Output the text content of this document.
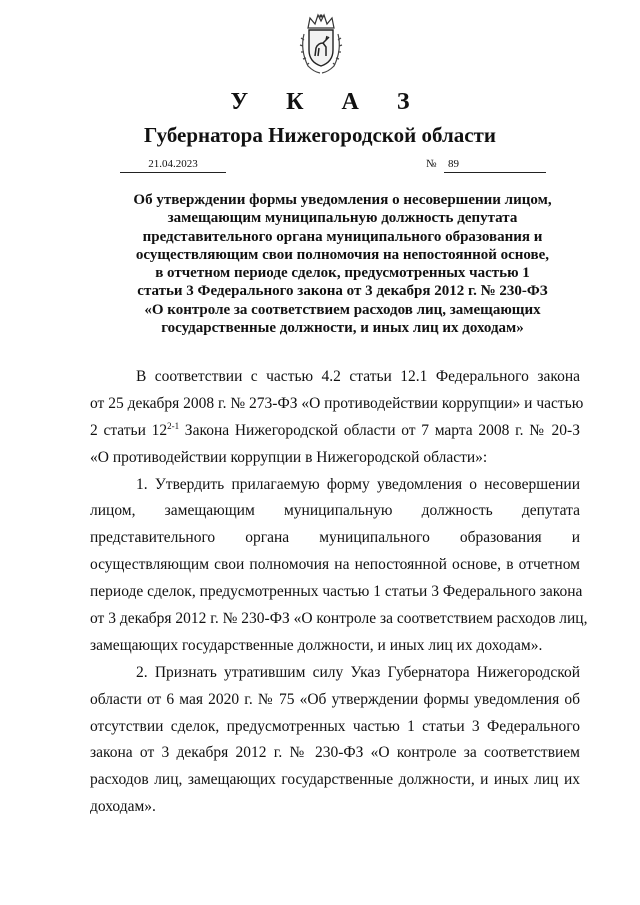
У К А З
Губернатора Нижегородской области
21.04.2023	№ 89
Об утверждении формы уведомления о несовершении лицом,
замещающим муниципальную должность депутата
представительного органа муниципального образования и
осуществляющим свои полномочия на непостоянной основе,
в отчетном периоде сделок, предусмотренных частью 1
статьи 3 Федерального закона от 3 декабря 2012 г. № 230-ФЗ
«О контроле за соответствием расходов лиц, замещающих
государственные должности, и иных лиц их доходам»
В соответствии с частью 4.2 статьи 12.1 Федерального закона
от 25 декабря 2008 г. № 273-ФЗ «О противодействии коррупции» и частью
2 статьи 12$^{2-1}$ Закона Нижегородской области от 7 марта 2008 г. № 20-З
«О противодействии коррупции в Нижегородской области»:
1. Утвердить прилагаемую форму уведомления о несовершении
лицом, замещающим муниципальную должность депутата
представительного органа муниципального образования и
осуществляющим свои полномочия на непостоянной основе, в отчетном
периоде сделок, предусмотренных частью 1 статьи 3 Федерального закона
от 3 декабря 2012 г. № 230-ФЗ «О контроле за соответствием расходов лиц,
замещающих государственные должности, и иных лиц их доходам».
2. Признать утратившим силу Указ Губернатора Нижегородской
области от 6 мая 2020 г. № 75 «Об утверждении формы уведомления об
отсутствии сделок, предусмотренных частью 1 статьи 3 Федерального
закона от 3 декабря 2012 г. № 230-ФЗ «О контроле за соответствием
расходов лиц, замещающих государственные должности, и иных лиц их
доходам».
